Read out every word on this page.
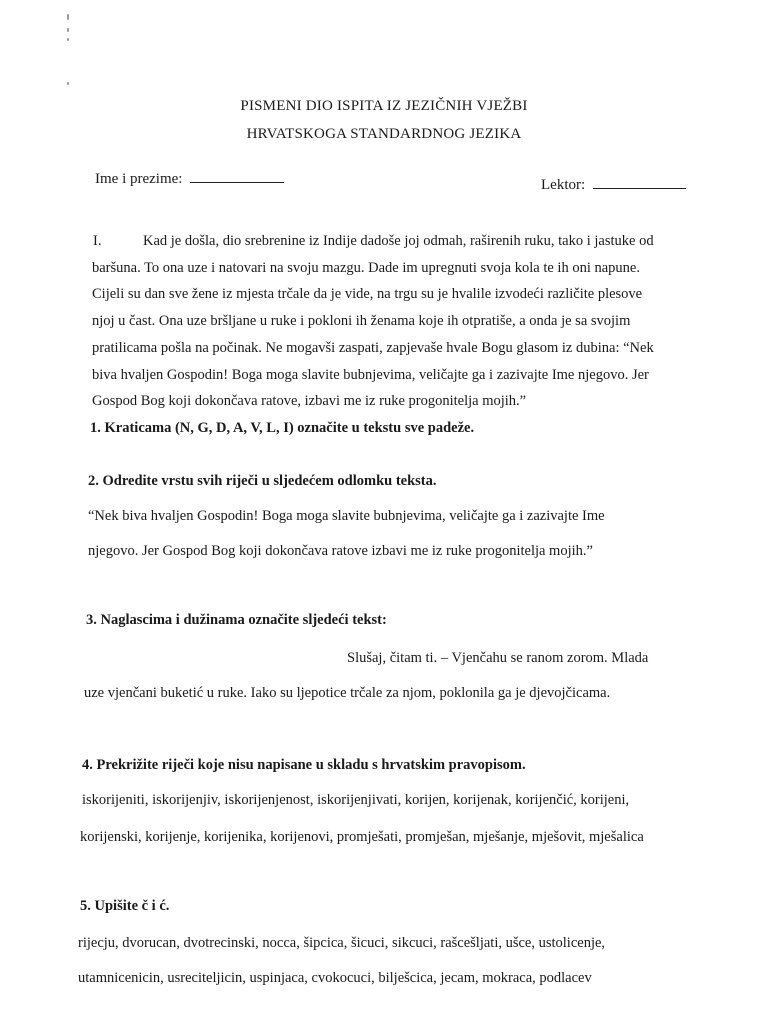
PISMENI DIO ISPITA IZ JEZIČNIH VJEŽBI
HRVATSKOGA STANDARDNOG JEZIKA
Ime i prezime:	Lektor:
I.	Kad je došla, dio srebrenine iz Indije dadoše joj odmah, raširenih ruku, tako i jastuke od
baršuna. To ona uze i natovari na svoju mazgu. Dade im upregnuti svoja kola te ih oni napune.
Cijeli su dan sve žene iz mjesta trčale da je vide, na trgu su je hvalile izvodeći različite plesove
njoj u čast. Ona uze bršljane u ruke i pokloni ih ženama koje ih otpratiše, a onda je sa svojim
pratilicama pošla na počinak. Ne mogavši zaspati, zapjevaše hvale Bogu glasom iz dubina: “Nek
biva hvaljen Gospodin! Boga moga slavite bubnjevima, veličajte ga i zazivajte Ime njegovo. Jer
Gospod Bog koji dokončava ratove, izbavi me iz ruke progonitelja mojih.”
1. Kraticama (N, G, D, A, V, L, I) označite u tekstu sve padeže.
2. Odredite vrstu svih riječi u sljedećem odlomku teksta.
“Nek biva hvaljen Gospodin! Boga moga slavite bubnjevima, veličajte ga i zazivajte Ime
njegovo. Jer Gospod Bog koji dokončava ratove izbavi me iz ruke progonitelja mojih.”
3. Naglascima i dužinama označite sljedeći tekst:
Slušaj, čitam ti. – Vjenčahu se ranom zorom. Mlada
uze vjenčani buketić u ruke. Iako su ljepotice trčale za njom, poklonila ga je djevojčicama.
4. Prekrižite riječi koje nisu napisane u skladu s hrvatskim pravopisom.
iskorijeniti, iskorijenjiv, iskorijenjenost, iskorijenjivati, korijen, korijenak, korijenčić, korijeni,
korijenski, korijenje, korijenika, korijenovi, promješati, promješan, mješanje, mješovit, mješalica
5. Upišite č i ć.
rijecju, dvorucan, dvotrecinski, nocca, šipcica, šicuci, sikcuci, rašcešljati, ušce, ustolicenje,
utamnicenicin, usreciteljicin, uspinjaca, cvokocuci, bilješcica, jecam, mokraca, podlacev
